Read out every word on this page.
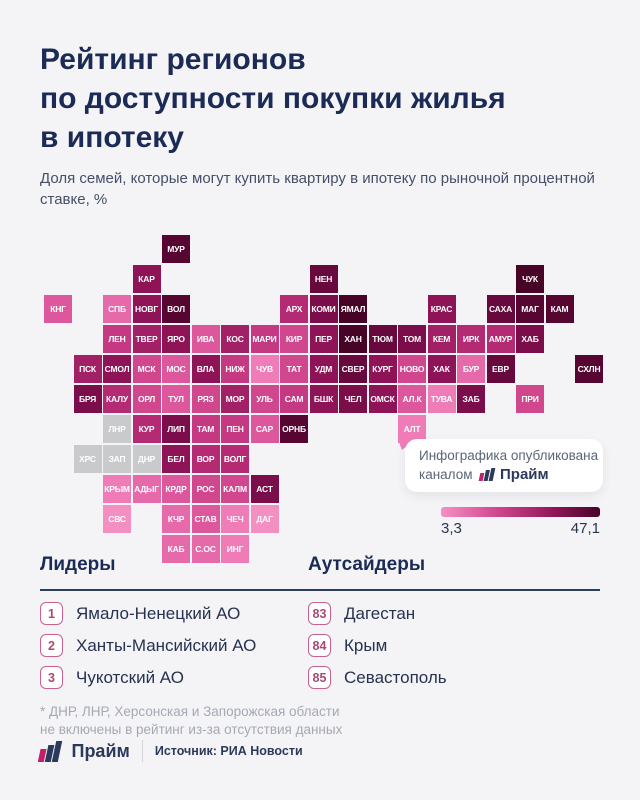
Рейтинг регионов
по доступности покупки жилья
в ипотеку
Доля семей, которые могут купить квартиру в ипотеку по рыночной процентной ставке, %
МУР
КАР	НЕН	ЧУК
КНГ	СПБ	НОВГ	ВОЛ	АРХ	КОМИ ЯМАЛ	КРАС	САХА	МАГ	КАМ
ЛЕН	ТВЕР	ЯРО	ИВА	КОС	МАРИ	КИР	ПЕР	ХАН	ТЮМ	ТОМ	КЕМ	ИРК	АМУР	ХАБ
ПСК	СМОЛ МСК	МОС	ВЛА	НИЖ	ЧУВ	ТАТ	УДМ	СВЕР КУРГ НОВО	ХАК	БУР	ЕВР	СХЛН
БРЯ	КАЛУ	ОРЛ	ТУЛ	РЯЗ	МОР	УЛЬ	САМ	БШК	ЧЕЛ	ОМСК АЛ.К	ТУВА	ЗАБ	ПРИ
ЛНР	КУР	ЛИП	ТАМ	ПЕН	САР	ОРНБ	АЛТ
ХРС	ЗАП	ДНР	БЕЛ	ВОР	ВОЛГ
КРЫМ АДЫГ КРДР	РОС	КАЛМ	АСТ
СВС	КЧР	СТАВ	ЧЕЧ	ДАГ
КАБ	С.ОС	ИНГ
Инфографика опубликована
каналом Прайм
3,3	47,1
Лидеры	Аутсайдеры
1	Ямало-Ненецкий АО
2	Ханты-Мансийский АО
3	Чукотский АО
83 Дагестан
84 Крым
85 Севастополь
* ДНР, ЛНР, Херсонская и Запорожская области
не включены в рейтинг из-за отсутствия данных
Прайм Источник: РИА Новости
